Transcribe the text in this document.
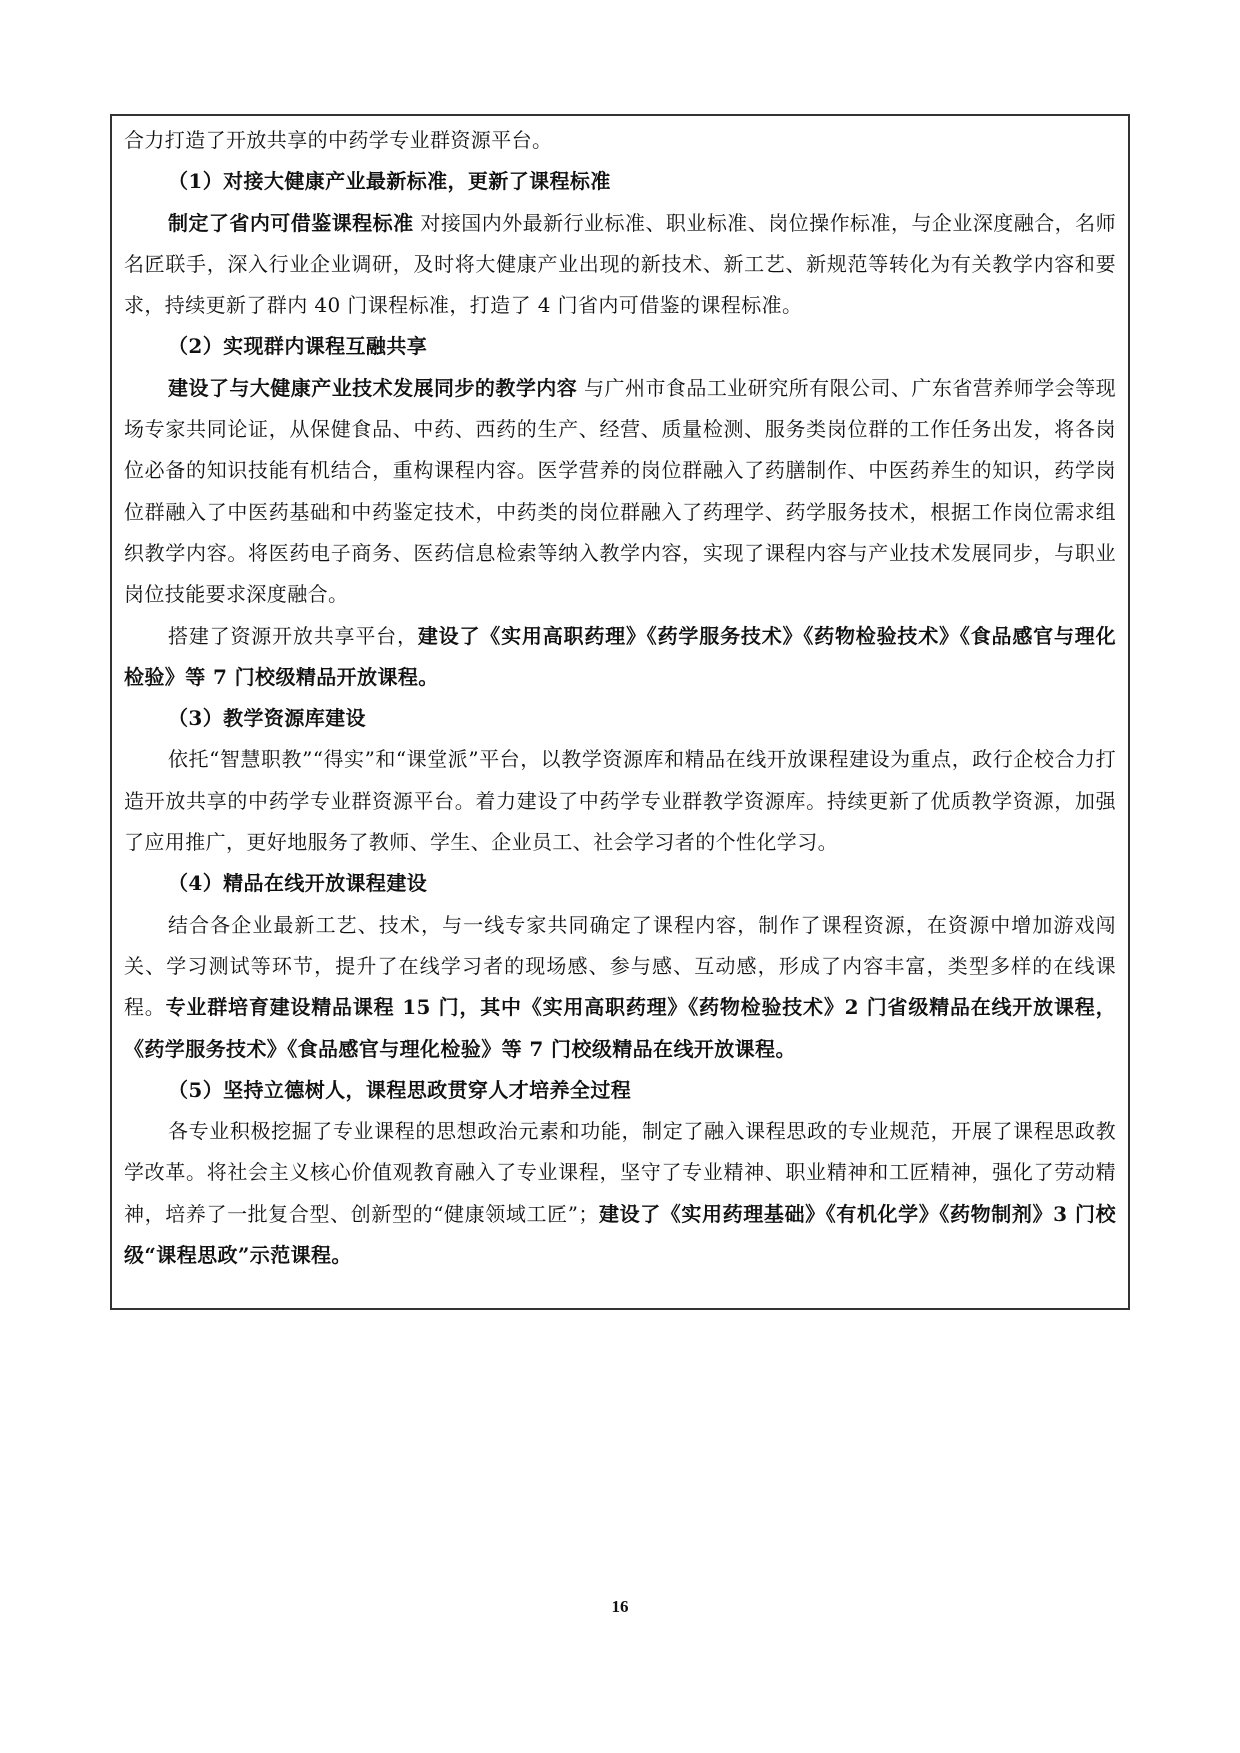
合力打造了开放共享的中药学专业群资源平台。

（1）对接大健康产业最新标准，更新了课程标准

制定了省内可借鉴课程标准 对接国内外最新行业标准、职业标准、岗位操作标准，与企业深度融合，名师名匠联手，深入行业企业调研，及时将大健康产业出现的新技术、新工艺、新规范等转化为有关教学内容和要求，持续更新了群内 40 门课程标准，打造了 4 门省内可借鉴的课程标准。

（2）实现群内课程互融共享

建设了与大健康产业技术发展同步的教学内容 与广州市食品工业研究所有限公司、广东省营养师学会等现场专家共同论证，从保健食品、中药、西药的生产、经营、质量检测、服务类岗位群的工作任务出发，将各岗位必备的知识技能有机结合，重构课程内容。医学营养的岗位群融入了药膳制作、中医药养生的知识，药学岗位群融入了中医药基础和中药鉴定技术，中药类的岗位群融入了药理学、药学服务技术，根据工作岗位需求组织教学内容。将医药电子商务、医药信息检索等纳入教学内容，实现了课程内容与产业技术发展同步，与职业岗位技能要求深度融合。

搭建了资源开放共享平台，建设了《实用高职药理》《药学服务技术》《药物检验技术》《食品感官与理化检验》等 7 门校级精品开放课程。

（3）教学资源库建设

依托“智慧职教”“得实”和“课堂派”平台，以教学资源库和精品在线开放课程建设为重点，政行企校合力打造开放共享的中药学专业群资源平台。着力建设了中药学专业群教学资源库。持续更新了优质教学资源，加强了应用推广，更好地服务了教师、学生、企业员工、社会学习者的个性化学习。

（4）精品在线开放课程建设

结合各企业最新工艺、技术，与一线专家共同确定了课程内容，制作了课程资源，在资源中增加游戏闯关、学习测试等环节，提升了在线学习者的现场感、参与感、互动感，形成了内容丰富，类型多样的在线课程。专业群培育建设精品课程 15 门，其中《实用高职药理》《药物检验技术》2 门省级精品在线开放课程，《药学服务技术》《食品感官与理化检验》等 7 门校级精品在线开放课程。

（5）坚持立德树人，课程思政贯穿人才培养全过程

各专业积极挖掘了专业课程的思想政治元素和功能，制定了融入课程思政的专业规范，开展了课程思政教学改革。将社会主义核心价值观教育融入了专业课程，坚守了专业精神、职业精神和工匠精神，强化了劳动精神，培养了一批复合型、创新型的“健康领域工匠”；建设了《实用药理基础》《有机化学》《药物制剂》3 门校级“课程思政”示范课程。

16
